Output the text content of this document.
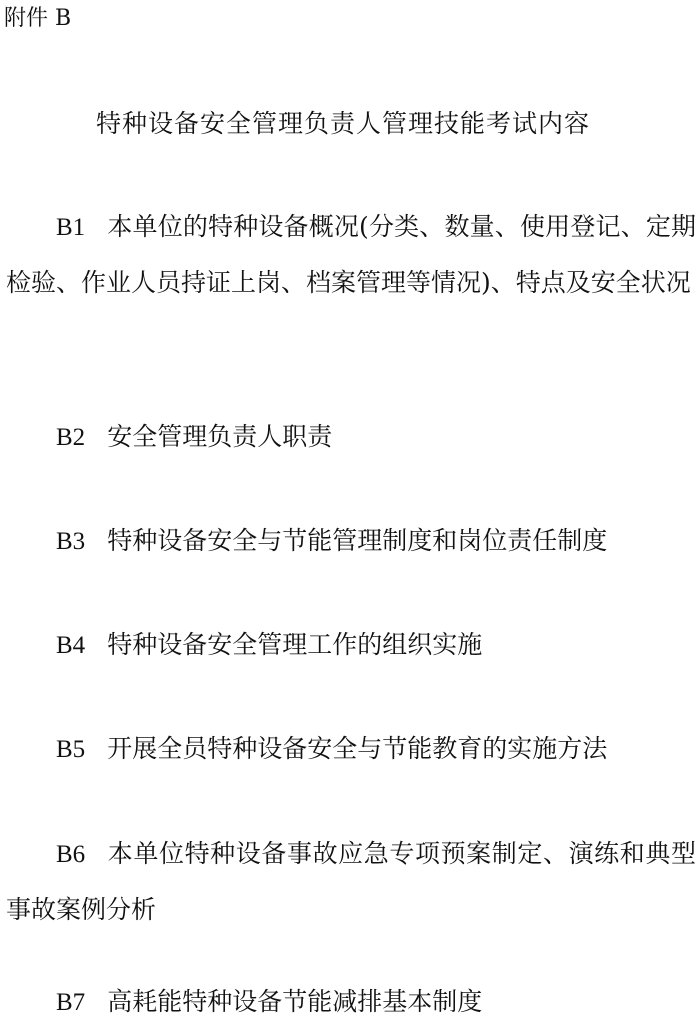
附件 B
特种设备安全管理负责人管理技能考试内容
B1 本单位的特种设备概况(分类、数量、使用登记、定期检验、作业人员持证上岗、档案管理等情况)、特点及安全状况
B2 安全管理负责人职责
B3 特种设备安全与节能管理制度和岗位责任制度
B4 特种设备安全管理工作的组织实施
B5 开展全员特种设备安全与节能教育的实施方法
B6 本单位特种设备事故应急专项预案制定、演练和典型事故案例分析
B7 高耗能特种设备节能减排基本制度
